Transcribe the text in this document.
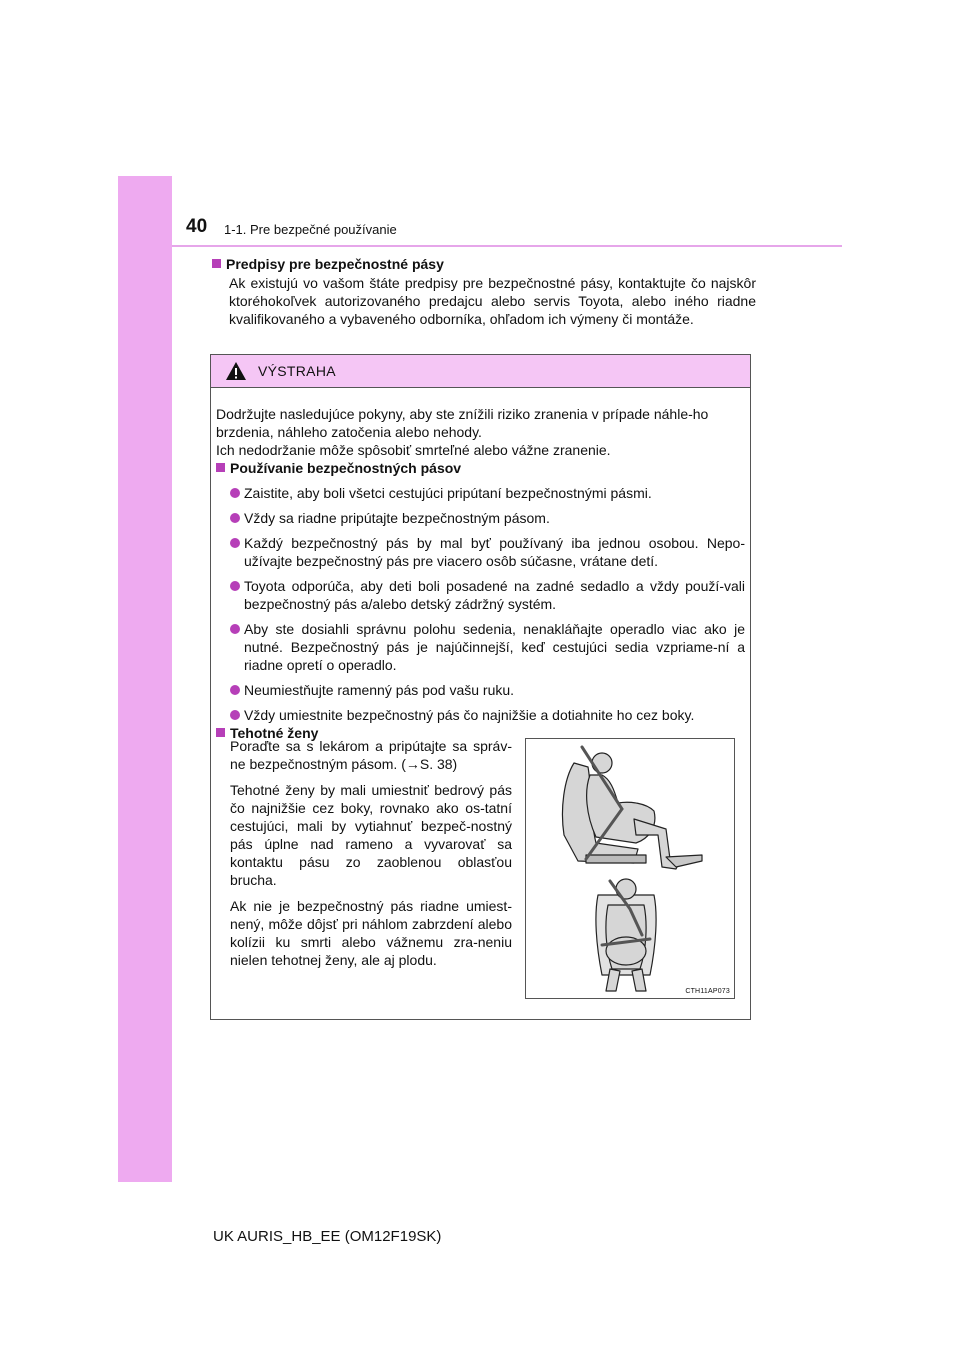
40 1-1. Pre bezpečné používanie
Predpisy pre bezpečnostné pásy
Ak existujú vo vašom štáte predpisy pre bezpečnostné pásy, kontaktujte čo najskôr ktoréhokoľvek autorizovaného predajcu alebo servis Toyota, alebo iného riadne kvalifikovaného a vybaveného odborníka, ohľadom ich výmeny či montáže.
VÝSTRAHA

Dodržujte nasledujúce pokyny, aby ste znížili riziko zranenia v prípade náhle-ho brzdenia, náhleho zatočenia alebo nehody.

Ich nedodržanie môže spôsobiť smrteľné alebo vážne zranenie.

Používanie bezpečnostných pásov

Zaistite, aby boli všetci cestujúci pripútaní bezpečnostnými pásmi.
Vždy sa riadne pripútajte bezpečnostným pásom.
Každý bezpečnostný pás by mal byť používaný iba jednou osobou. Nepo-užívajte bezpečnostný pás pre viacero osôb súčasne, vrátane detí.
Toyota odporúča, aby deti boli posadené na zadné sedadlo a vždy použí-vali bezpečnostný pás a/alebo detský zádržný systém.
Aby ste dosiahli správnu polohu sedenia, nenakláňajte operadlo viac ako je nutné. Bezpečnostný pás je najúčinnejší, keď cestujúci sedia vzpriame-ní a riadne opretí o operadlo.
Neumiestňujte ramenný pás pod vašu ruku.
Vždy umiestnite bezpečnostný pás čo najnižšie a dotiahnite ho cez boky.

Tehotné ženy

Poraďte sa s lekárom a pripútajte sa správ-ne bezpečnostným pásom. (→S. 38)

Tehotné ženy by mali umiestniť bedrový pás čo najnižšie cez boky, rovnako ako os-tatní cestujúci, mali by vytiahnuť bezpeč-nostný pás úplne nad rameno a vyvarovať sa kontaktu pásu zo zaoblenou oblasťou brucha.

Ak nie je bezpečnostný pás riadne umiest-nený, môže dôjsť pri náhlom zabrzdení alebo kolízii ku smrti alebo vážnemu zra-neniu nielen tehotnej ženy, ale aj plodu.

CTH11AP073
UK AURIS_HB_EE (OM12F19SK)
